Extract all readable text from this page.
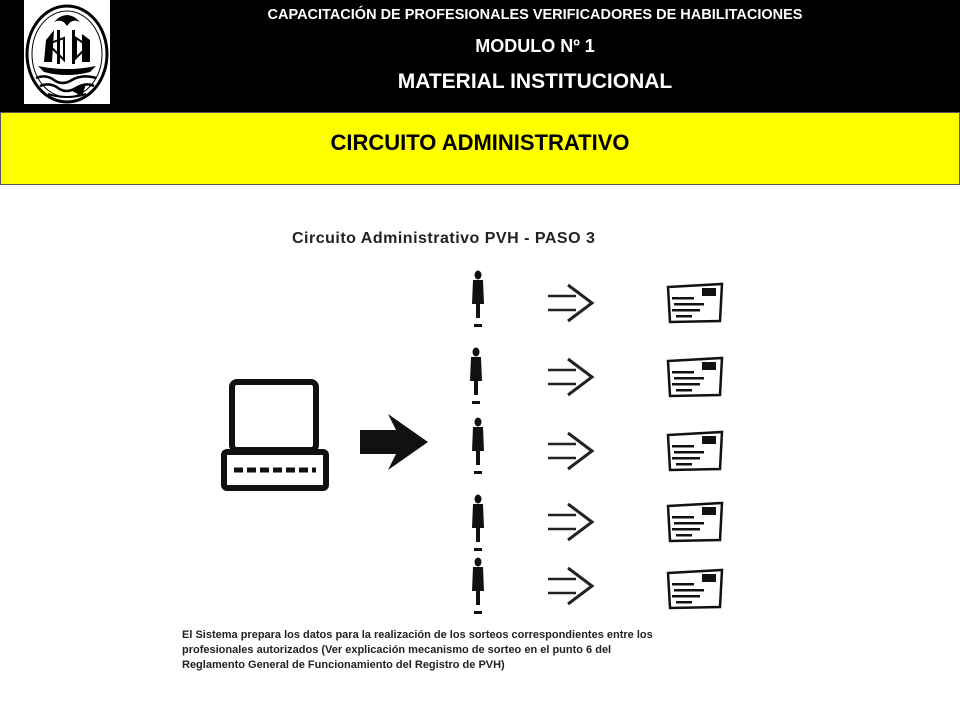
CAPACITACIÓN DE PROFESIONALES VERIFICADORES DE HABILITACIONES
MODULO Nº 1
MATERIAL INSTITUCIONAL
CIRCUITO ADMINISTRATIVO
Circuito Administrativo PVH - PASO 3
El Sistema prepara los datos para la realización de los sorteos correspondientes entre los
profesionales autorizados (Ver explicación mecanismo de sorteo en el punto 6 del
Reglamento General de Funcionamiento del Registro de PVH)
